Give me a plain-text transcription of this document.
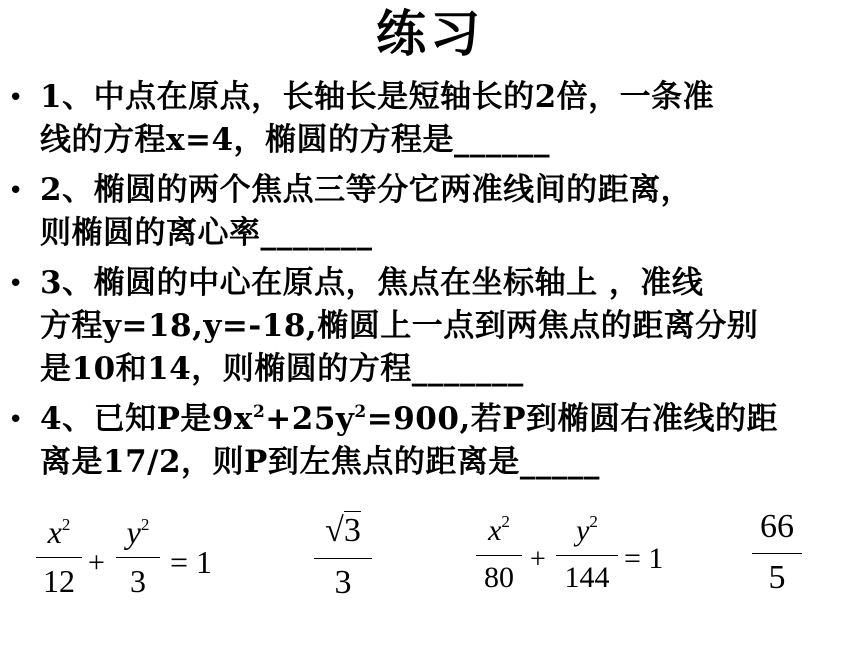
练习
• 1、中点在原点，长轴长是短轴长的2倍，一条准
线的方程x=4，椭圆的方程是______
• 2、椭圆的两个焦点三等分它两准线间的距离，
则椭圆的离心率_______
• 3、椭圆的中心在原点，焦点在坐标轴上 ，准线
方程y=18,y=-18,椭圆上一点到两焦点的距离分别
是10和14，则椭圆的方程_______
• 4、已知P是$9x^2+25y^2=900$,若P到椭圆右准线的距
离是17/2，则P到左焦点的距离是_____
$x^2$
12
+
$y^2$
3
= 1
√3
3
$x^2$
80
+
$y^2$
144
= 1
66
5
